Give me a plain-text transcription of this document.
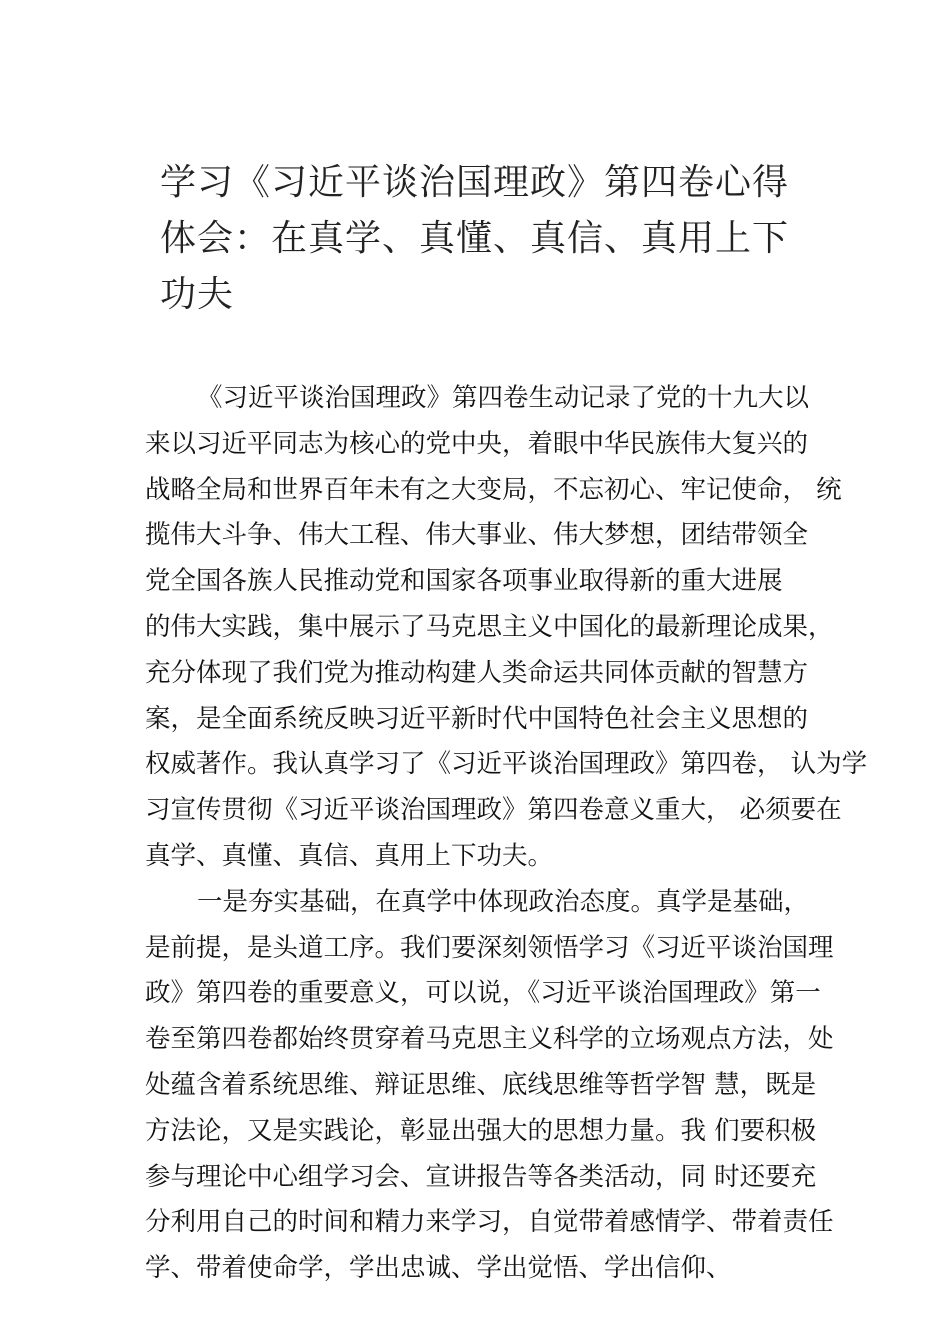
学习《习近平谈治国理政》第四卷心得
体会：在真学、真懂、真信、真用上下
功夫
《习近平谈治国理政》第四卷生动记录了党的十九大以
来以习近平同志为核心的党中央，着眼中华民族伟大复兴的
战略全局和世界百年未有之大变局，不忘初心、牢记使命， 统
揽伟大斗争、伟大工程、伟大事业、伟大梦想，团结带领全
党全国各族人民推动党和国家各项事业取得新的重大进展
的伟大实践，集中展示了马克思主义中国化的最新理论成果，
充分体现了我们党为推动构建人类命运共同体贡献的智慧方
案，是全面系统反映习近平新时代中国特色社会主义思想的
权威著作。我认真学习了《习近平谈治国理政》第四卷， 认为学
习宣传贯彻《习近平谈治国理政》第四卷意义重大， 必须要在
真学、真懂、真信、真用上下功夫。
一是夯实基础，在真学中体现政治态度。真学是基础，
是前提，是头道工序。我们要深刻领悟学习《习近平谈治国理
政》第四卷的重要意义，可以说，《习近平谈治国理政》第一
卷至第四卷都始终贯穿着马克思主义科学的立场观点方法，处
处蕴含着系统思维、辩证思维、底线思维等哲学智 慧，既是
方法论，又是实践论，彰显出强大的思想力量。我 们要积极
参与理论中心组学习会、宣讲报告等各类活动，同 时还要充
分利用自己的时间和精力来学习，自觉带着感情学、带着责任
学、带着使命学，学出忠诚、学出觉悟、学出信仰、
